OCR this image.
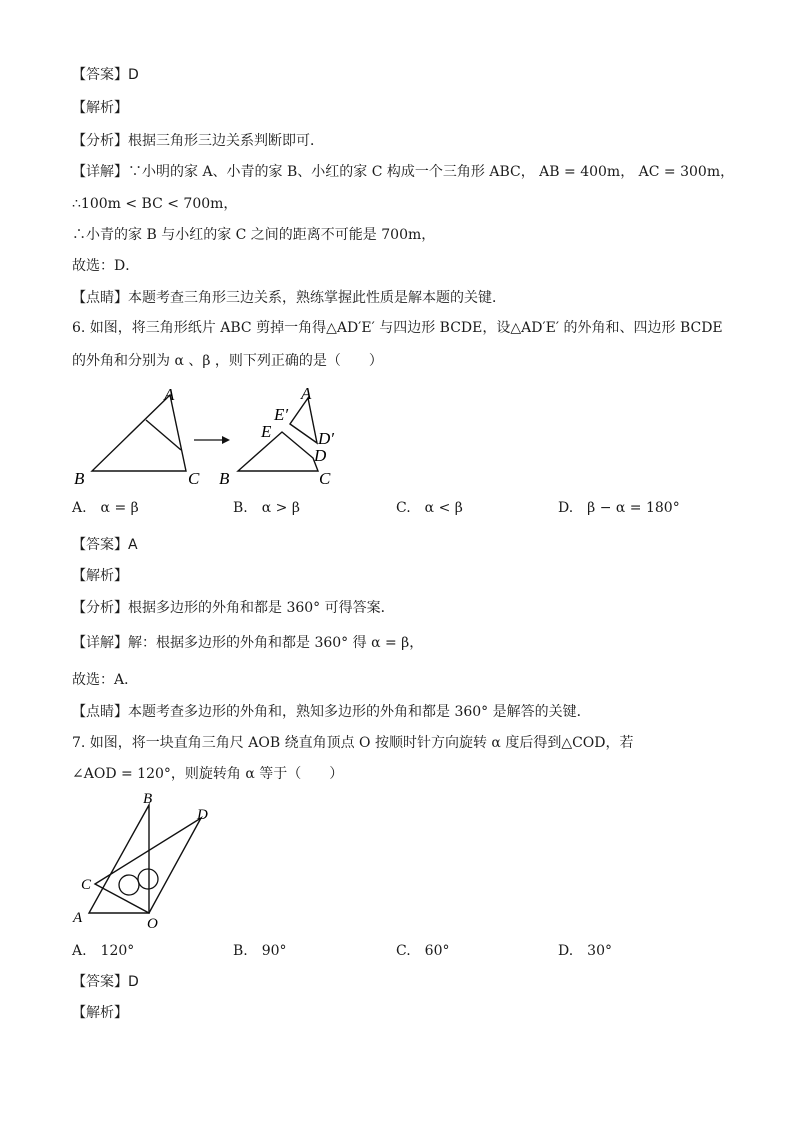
【答案】D
【解析】
【分析】根据三角形三边关系判断即可．
【详解】∵小明的家 A、小青的家 B、小红的家 C 构成一个三角形 ABC， AB = 400m， AC = 300m，
∴100m < BC < 700m，
∴小青的家 B 与小红的家 C 之间的距离不可能是 700m，
故选：D．
【点睛】本题考查三角形三边关系，熟练掌握此性质是解本题的关键．
6. 如图，将三角形纸片 ABC 剪掉一角得△AD′E′ 与四边形 BCDE，设△AD′E′ 的外角和、四边形 BCDE
的外角和分别为 α 、β ，则下列正确的是（　　）
A
B	C
A
E′
E	D′
D
B	C
A.　α = β	B.　α > β	C.　α < β	D.　β − α = 180°
【答案】A
【解析】
【分析】根据多边形的外角和都是 360° 可得答案．
【详解】解：根据多边形的外角和都是 360° 得 α = β，
故选：A．
【点睛】本题考查多边形的外角和，熟知多边形的外角和都是 360° 是解答的关键．
7. 如图，将一块直角三角尺 AOB 绕直角顶点 O 按顺时针方向旋转 α 度后得到△COD，若
∠AOD = 120°，则旋转角 α 等于（　　）
B
D
C
A	O
A.　120°	B.　90°	C.　60°	D.　30°
【答案】D
【解析】
